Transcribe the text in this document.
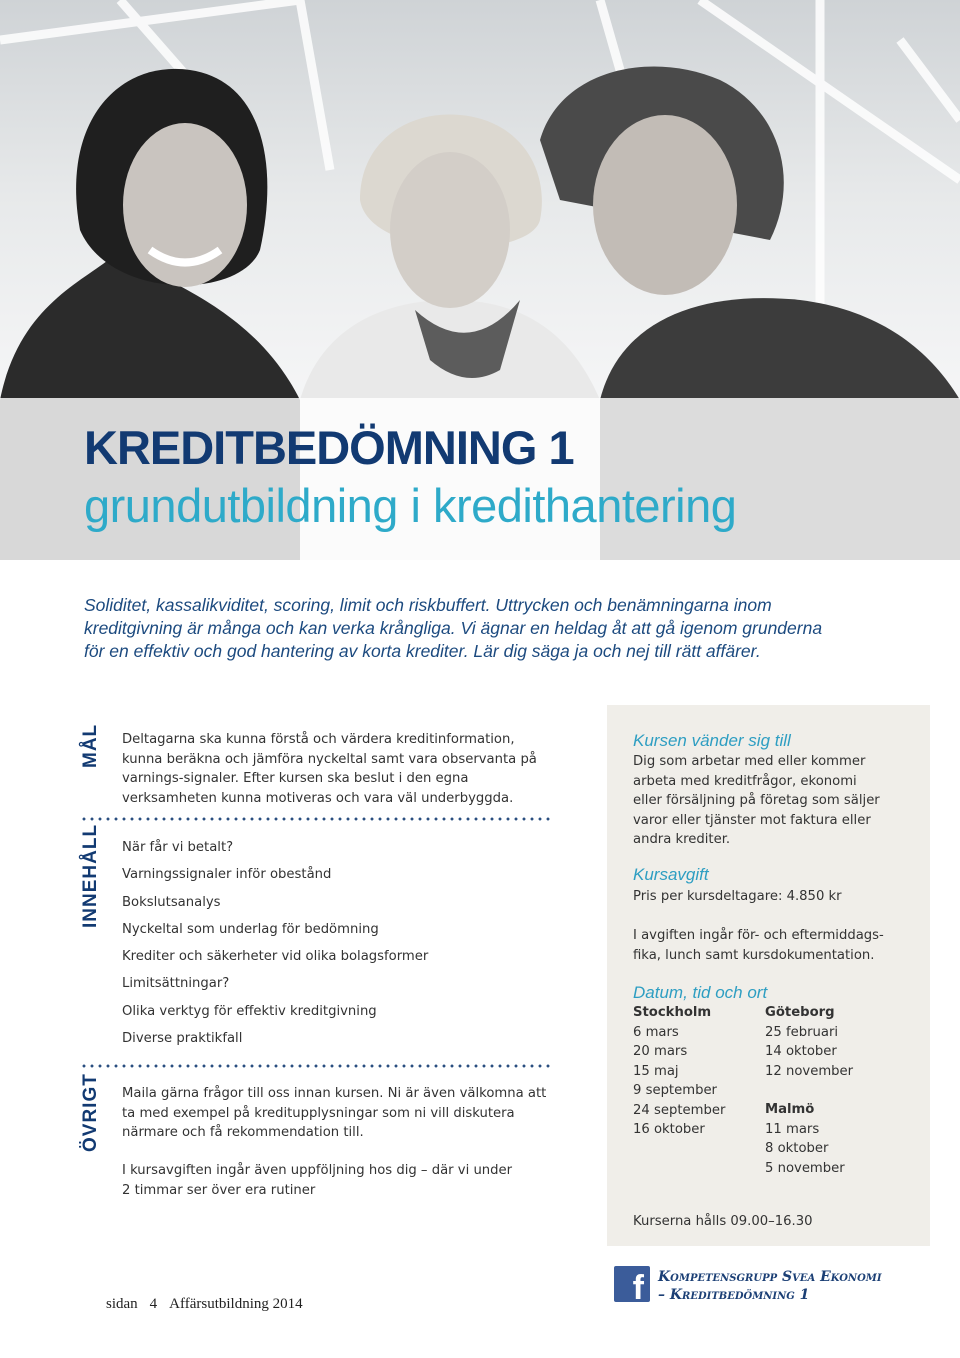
KREDITBEDÖMNING 1
grundutbildning i kredithantering
Soliditet, kassalikviditet, scoring, limit och riskbuffert. Uttrycken och benämningarna inom kreditgivning är många och kan verka krångliga. Vi ägnar en heldag åt att gå igenom grunderna för en effektiv och god hantering av korta krediter. Lär dig säga ja och nej till rätt affärer.
MÅL Deltagarna ska kunna förstå och värdera kreditinformation, kunna beräkna och jämföra nyckeltal samt vara observanta på varnings-signaler. Efter kursen ska beslut i den egna verksamheten kunna motiveras och vara väl underbyggda.
INNEHÅLL När får vi betalt?
Varningssignaler inför obestånd
Bokslutsanalys
Nyckeltal som underlag för bedömning
Krediter och säkerheter vid olika bolagsformer
Limitsättningar?
Olika verktyg för effektiv kreditgivning
Diverse praktikfall
ÖVRIGT Maila gärna frågor till oss innan kursen. Ni är även välkomna att ta med exempel på kreditupplysningar som ni vill diskutera närmare och få rekommendation till.
I kursavgiften ingår även uppföljning hos dig – där vi under 2 timmar ser över era rutiner
Kursen vänder sig till
Dig som arbetar med eller kommer arbeta med kreditfrågor, ekonomi eller försäljning på företag som säljer varor eller tjänster mot faktura eller andra krediter.
Kursavgift
Pris per kursdeltagare: 4.850 kr
I avgiften ingår för- och eftermiddags-fika, lunch samt kursdokumentation.
Datum, tid och ort
Stockholm
6 mars
20 mars
15 maj
9 september
24 september
16 oktober
Göteborg
25 februari
14 oktober
12 november
Malmö
11 mars
8 oktober
5 november
Kurserna hålls 09.00–16.30
sidan 4 Affärsutbildning 2014	f Kompetensgrupp Svea Ekonomi
– Kreditbedömning 1
